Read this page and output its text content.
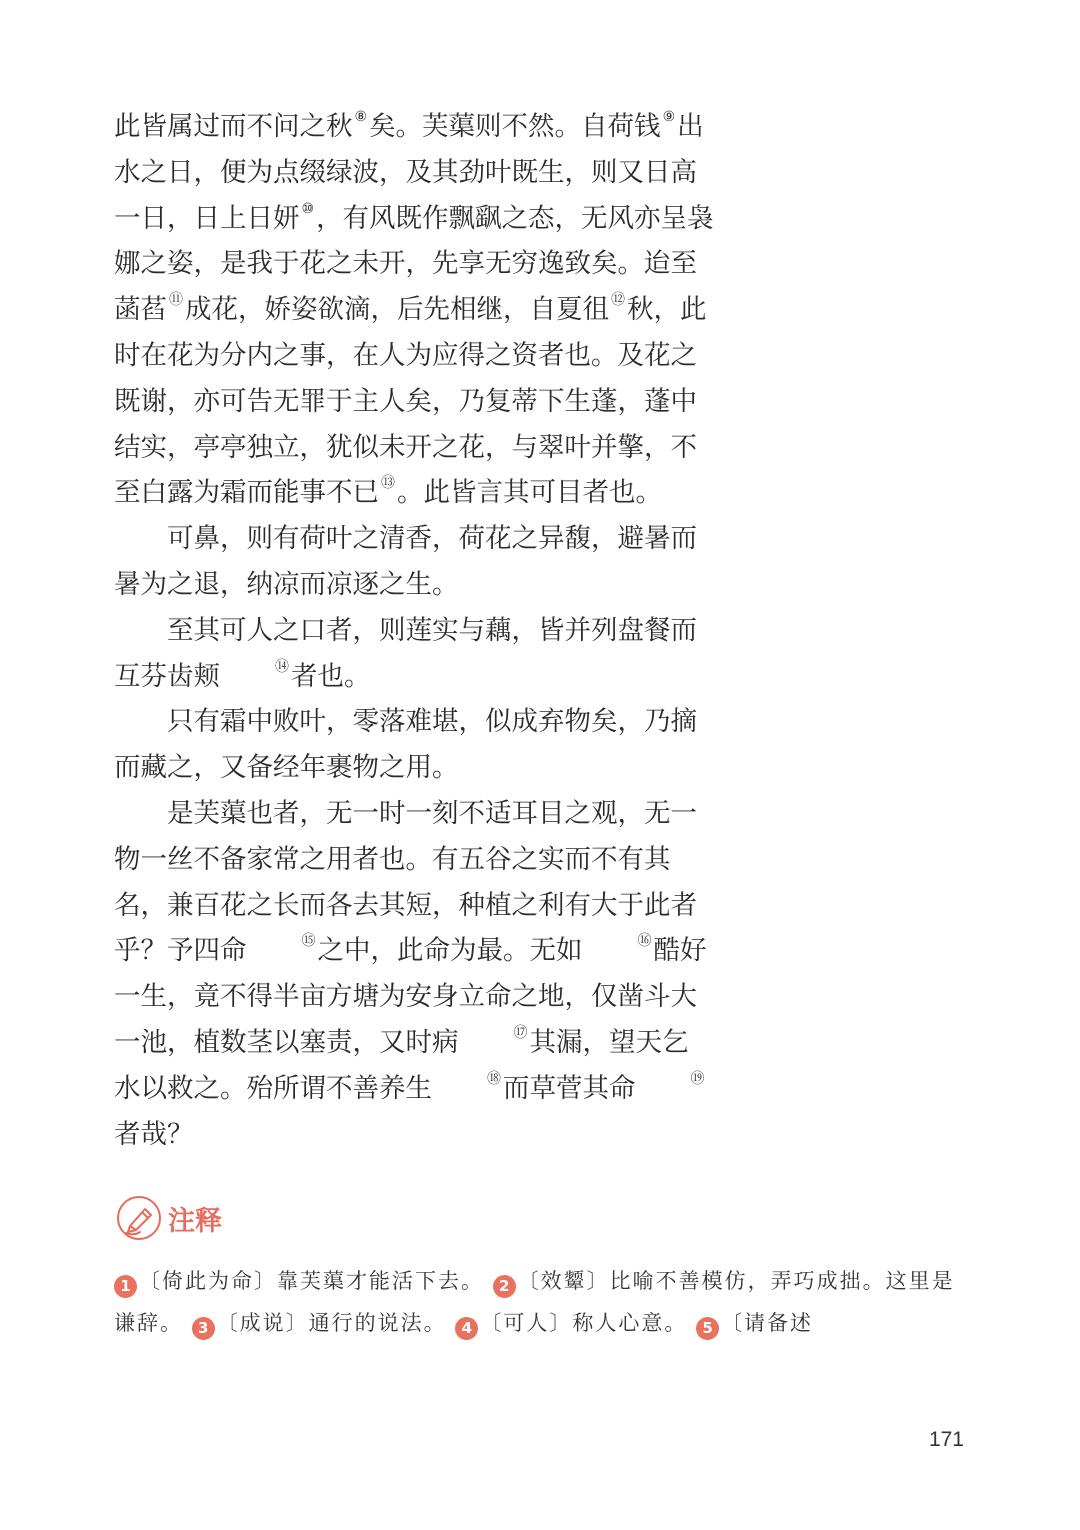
此皆属过而不问之秋 ⑧矣。芙蕖则不然。自荷钱 ⑨出水之日，便为点缀绿波，及其劲叶既生，则又日高一日，日上日妍 ⑩，有风既作飘飖之态，无风亦呈袅娜之姿，是我于花之未开，先享无穷逸致矣。迨至菡萏 ⑪成花，娇姿欲滴，后先相继，自夏徂 ⑫秋，此时在花为分内之事，在人为应得之资者也。及花之既谢，亦可告无罪于主人矣，乃复蒂下生蓬，蓬中结实，亭亭独立，犹似未开之花，与翠叶并擎，不至白露为霜而能事不已 ⑬。此皆言其可目者也。

可鼻，则有荷叶之清香，荷花之异馥，避暑而暑为之退，纳凉而凉逐之生。

至其可人之口者，则莲实与藕，皆并列盘餐而互芬齿颊	⑭者也。

只有霜中败叶，零落难堪，似成弃物矣，乃摘而藏之，又备经年裹物之用。

是芙蕖也者，无一时一刻不适耳目之观，无一物一丝不备家常之用者也。有五谷之实而不有其名，兼百花之长而各去其短，种植之利有大于此者乎？予四命	⑮之中，此命为最。无如	⑯酷好一生，竟不得半亩方塘为安身立命之地，仅凿斗大一池，植数茎以塞责，又时病	⑰其漏，望天乞水以救之。殆所谓不善养生	⑱而草菅其命	⑲者哉？

注释
1 〔倚此为命〕靠芙蕖才能活下去。 2 〔效颦〕比喻不善模仿，弄巧成拙。这里是谦辞。 3 〔成说〕通行的说法。 4 〔可人〕称人心意。 5 〔请备述
171
